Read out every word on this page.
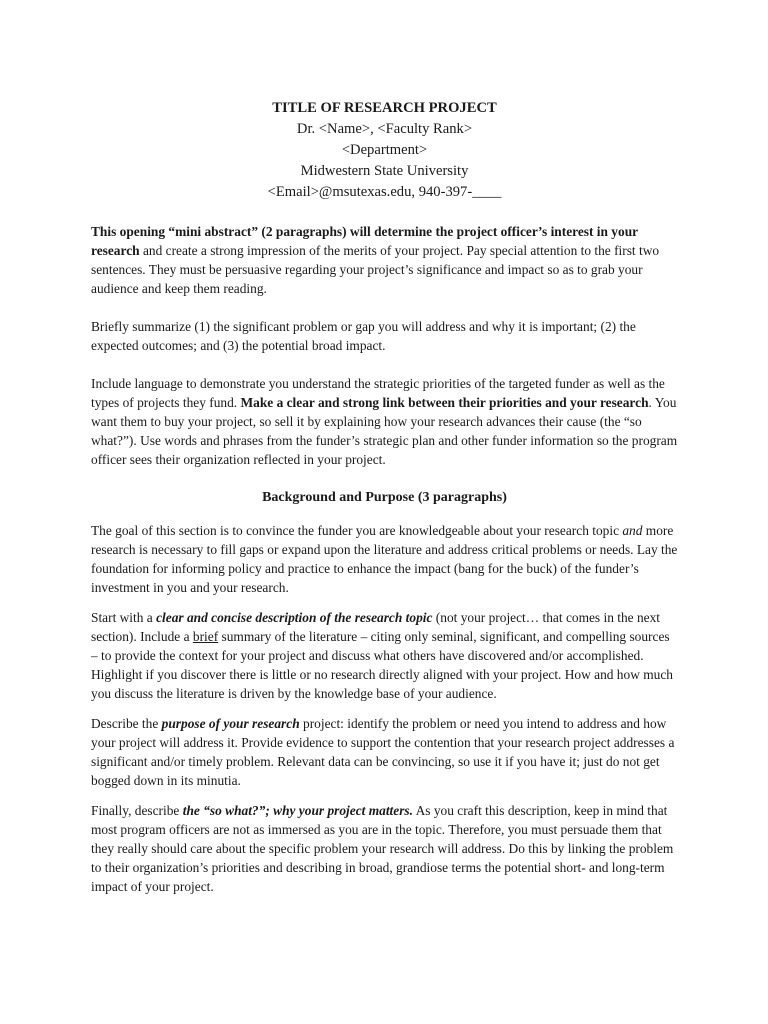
TITLE OF RESEARCH PROJECT
Dr. <Name>, <Faculty Rank>
<Department>
Midwestern State University
<Email>@msutexas.edu, 940-397-____

This opening “mini abstract” (2 paragraphs) will determine the project officer’s interest in your research and create a strong impression of the merits of your project. Pay special attention to the first two sentences. They must be persuasive regarding your project’s significance and impact so as to grab your audience and keep them reading.

Briefly summarize (1) the significant problem or gap you will address and why it is important; (2) the expected outcomes; and (3) the potential broad impact.

Include language to demonstrate you understand the strategic priorities of the targeted funder as well as the types of projects they fund. Make a clear and strong link between their priorities and your research. You want them to buy your project, so sell it by explaining how your research advances their cause (the “so what?”). Use words and phrases from the funder’s strategic plan and other funder information so the program officer sees their organization reflected in your project.

Background and Purpose (3 paragraphs)

The goal of this section is to convince the funder you are knowledgeable about your research topic and more research is necessary to fill gaps or expand upon the literature and address critical problems or needs. Lay the foundation for informing policy and practice to enhance the impact (bang for the buck) of the funder’s investment in you and your research.

Start with a clear and concise description of the research topic (not your project… that comes in the next section). Include a brief summary of the literature – citing only seminal, significant, and compelling sources – to provide the context for your project and discuss what others have discovered and/or accomplished. Highlight if you discover there is little or no research directly aligned with your project. How and how much you discuss the literature is driven by the knowledge base of your audience.

Describe the purpose of your research project: identify the problem or need you intend to address and how your project will address it. Provide evidence to support the contention that your research project addresses a significant and/or timely problem. Relevant data can be convincing, so use it if you have it; just do not get bogged down in its minutia.

Finally, describe the “so what?”; why your project matters. As you craft this description, keep in mind that most program officers are not as immersed as you are in the topic. Therefore, you must persuade them that they really should care about the specific problem your research will address. Do this by linking the problem to their organization’s priorities and describing in broad, grandiose terms the potential short- and long-term impact of your project.
